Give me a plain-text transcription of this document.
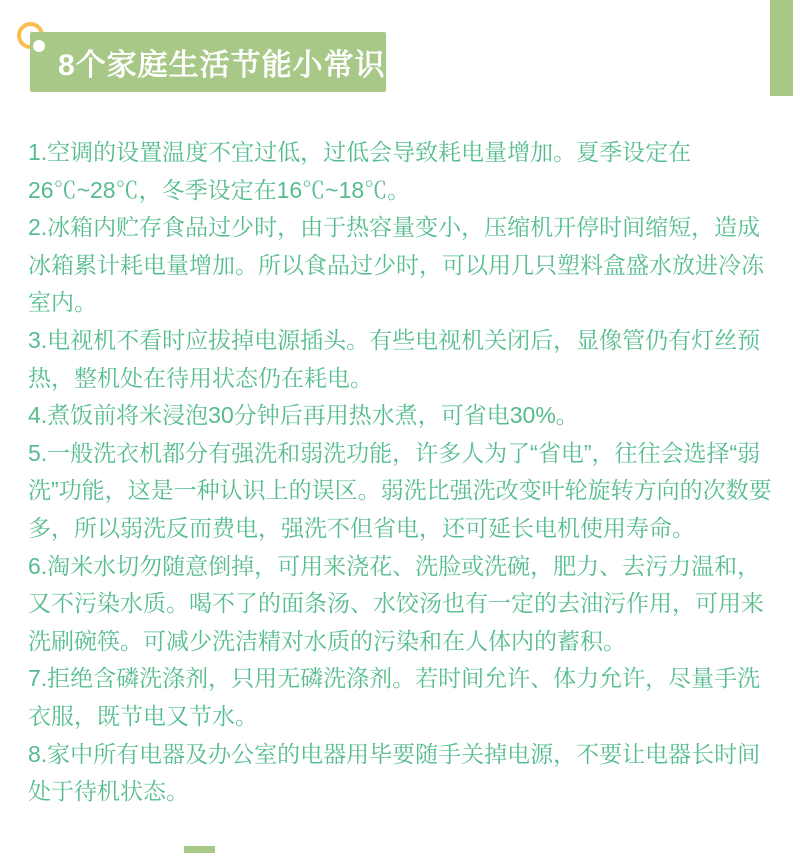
8个家庭生活节能小常识

1.空调的设置温度不宜过低，过低会导致耗电量增加。夏季设定在26℃~28℃，冬季设定在16℃~18℃。

2.冰箱内贮存食品过少时，由于热容量变小，压缩机开停时间缩短，造成冰箱累计耗电量增加。所以食品过少时，可以用几只塑料盒盛水放进冷冻室内。

3.电视机不看时应拔掉电源插头。有些电视机关闭后，显像管仍有灯丝预热，整机处在待用状态仍在耗电。

4.煮饭前将米浸泡30分钟后再用热水煮，可省电30%。

5.一般洗衣机都分有强洗和弱洗功能，许多人为了“省电”，往往会选择“弱洗”功能，这是一种认识上的误区。弱洗比强洗改变叶轮旋转方向的次数要多，所以弱洗反而费电，强洗不但省电，还可延长电机使用寿命。

6.淘米水切勿随意倒掉，可用来浇花、洗脸或洗碗，肥力、去污力温和，又不污染水质。喝不了的面条汤、水饺汤也有一定的去油污作用，可用来洗刷碗筷。可减少洗洁精对水质的污染和在人体内的蓄积。

7.拒绝含磷洗涤剂，只用无磷洗涤剂。若时间允许、体力允许，尽量手洗衣服，既节电又节水。

8.家中所有电器及办公室的电器用毕要随手关掉电源，不要让电器长时间处于待机状态。
